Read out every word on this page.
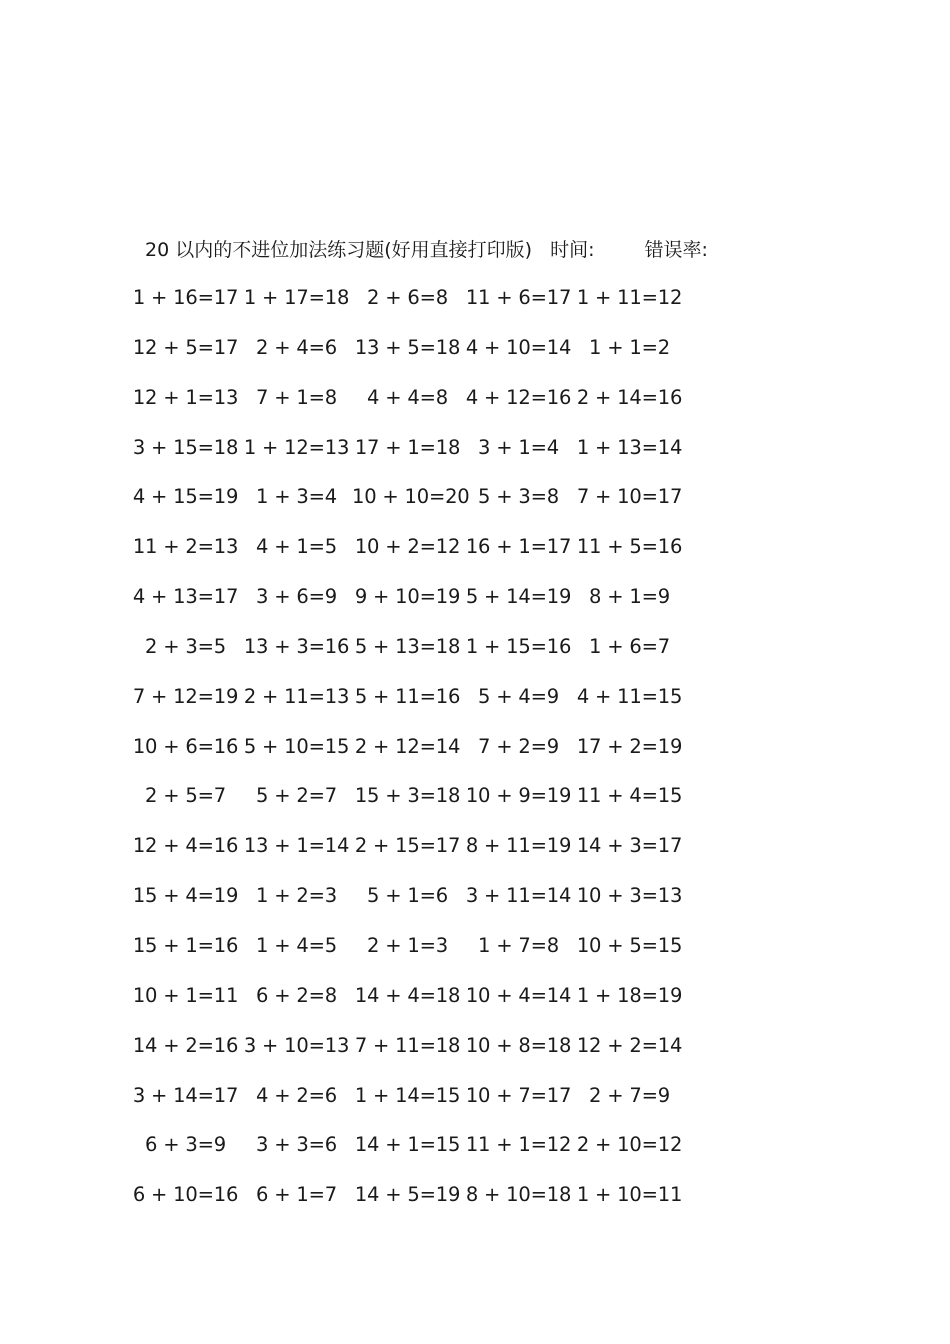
20 以内的不进位加法练习题(好用直接打印版) 时间:	错误率:
1 + 16=17 1 + 17=18 2 + 6=8 11 + 6=17 1 + 11=12
12 + 5=17 2 + 4=6 13 + 5=18 4 + 10=14 1 + 1=2
12 + 1=13 7 + 1=8	4 + 4=8 4 + 12=16 2 + 14=16
3 + 15=18 1 + 12=13 17 + 1=18 3 + 1=4 1 + 13=14
4 + 15=19 1 + 3=4 10 + 10=20 5 + 3=8 7 + 10=17
11 + 2=13 4 + 1=5 10 + 2=12 16 + 1=17 11 + 5=16
4 + 13=17 3 + 6=9 9 + 10=19 5 + 14=19 8 + 1=9
2 + 3=5 13 + 3=16 5 + 13=18 1 + 15=16 1 + 6=7
7 + 12=19 2 + 11=13 5 + 11=16 5 + 4=9 4 + 11=15
10 + 6=16 5 + 10=15 2 + 12=14 7 + 2=9 17 + 2=19
2 + 5=7	5 + 2=7 15 + 3=18 10 + 9=19 11 + 4=15
12 + 4=16 13 + 1=14 2 + 15=17 8 + 11=19 14 + 3=17
15 + 4=19 1 + 2=3	5 + 1=6 3 + 11=14 10 + 3=13
15 + 1=16 1 + 4=5	2 + 1=3	1 + 7=8 10 + 5=15
10 + 1=11 6 + 2=8 14 + 4=18 10 + 4=14 1 + 18=19
14 + 2=16 3 + 10=13 7 + 11=18 10 + 8=18 12 + 2=14
3 + 14=17 4 + 2=6 1 + 14=15 10 + 7=17 2 + 7=9
6 + 3=9	3 + 3=6 14 + 1=15 11 + 1=12 2 + 10=12
6 + 10=16 6 + 1=7 14 + 5=19 8 + 10=18 1 + 10=11
